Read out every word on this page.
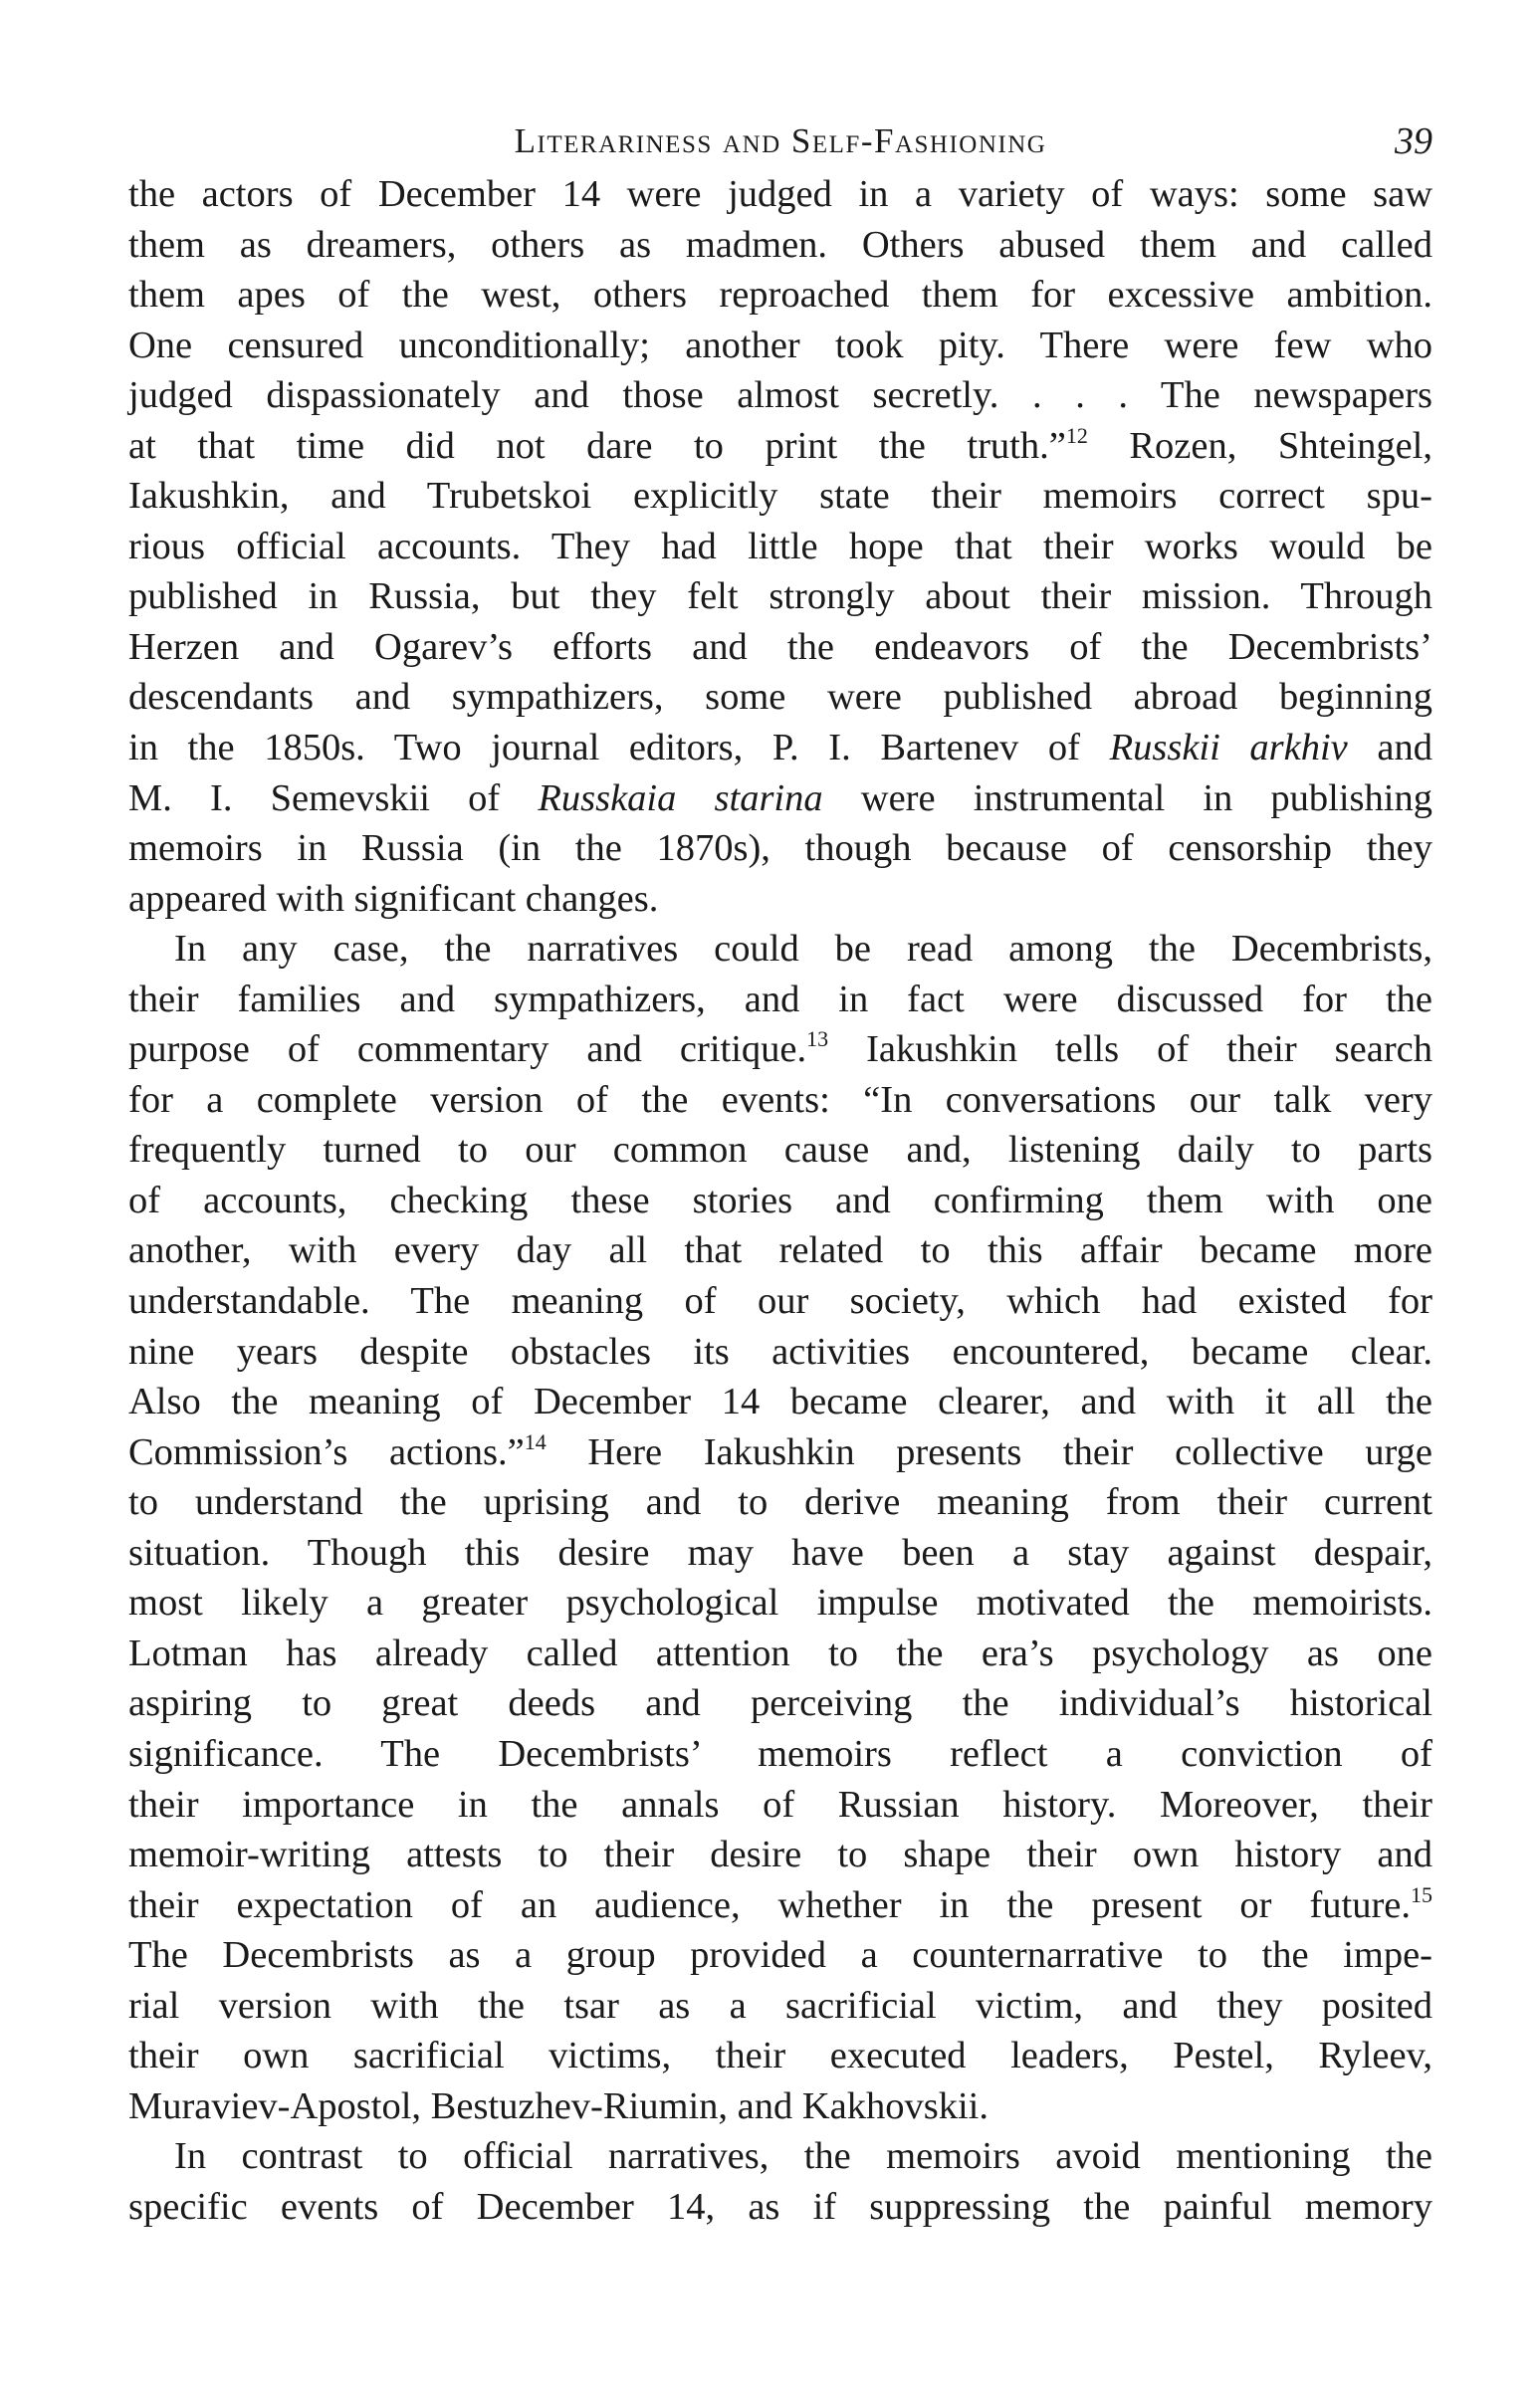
Literariness and Self-Fashioning	39
the actors of December 14 were judged in a variety of ways: some saw
them as dreamers, others as madmen. Others abused them and called
them apes of the west, others reproached them for excessive ambition.
One censured unconditionally; another took pity. There were few who
judged dispassionately and those almost secretly. . . . The newspapers
at that time did not dare to print the truth.”$^{12}$ Rozen, Shteingel,
Iakushkin, and Trubetskoi explicitly state their memoirs correct spu-
rious official accounts. They had little hope that their works would be
published in Russia, but they felt strongly about their mission. Through
Herzen and Ogarev’s efforts and the endeavors of the Decembrists’
descendants and sympathizers, some were published abroad beginning
in the 1850s. Two journal editors, P. I. Bartenev of Russkii arkhiv and
M. I. Semevskii of Russkaia starina were instrumental in publishing
memoirs in Russia (in the 1870s), though because of censorship they
appeared with significant changes.
In any case, the narratives could be read among the Decembrists,
their families and sympathizers, and in fact were discussed for the
purpose of commentary and critique.$^{13}$ Iakushkin tells of their search
for a complete version of the events: “In conversations our talk very
frequently turned to our common cause and, listening daily to parts
of accounts, checking these stories and confirming them with one
another, with every day all that related to this affair became more
understandable. The meaning of our society, which had existed for
nine years despite obstacles its activities encountered, became clear.
Also the meaning of December 14 became clearer, and with it all the
Commission’s actions.”$^{14}$ Here Iakushkin presents their collective urge
to understand the uprising and to derive meaning from their current
situation. Though this desire may have been a stay against despair,
most likely a greater psychological impulse motivated the memoirists.
Lotman has already called attention to the era’s psychology as one
aspiring to great deeds and perceiving the individual’s historical
significance. The Decembrists’ memoirs reflect a conviction of
their importance in the annals of Russian history. Moreover, their
memoir-writing attests to their desire to shape their own history and
their expectation of an audience, whether in the present or future.$^{15}$
The Decembrists as a group provided a counternarrative to the impe-
rial version with the tsar as a sacrificial victim, and they posited
their own sacrificial victims, their executed leaders, Pestel, Ryleev,
Muraviev-Apostol, Bestuzhev-Riumin, and Kakhovskii.
In contrast to official narratives, the memoirs avoid mentioning the
specific events of December 14, as if suppressing the painful memory
